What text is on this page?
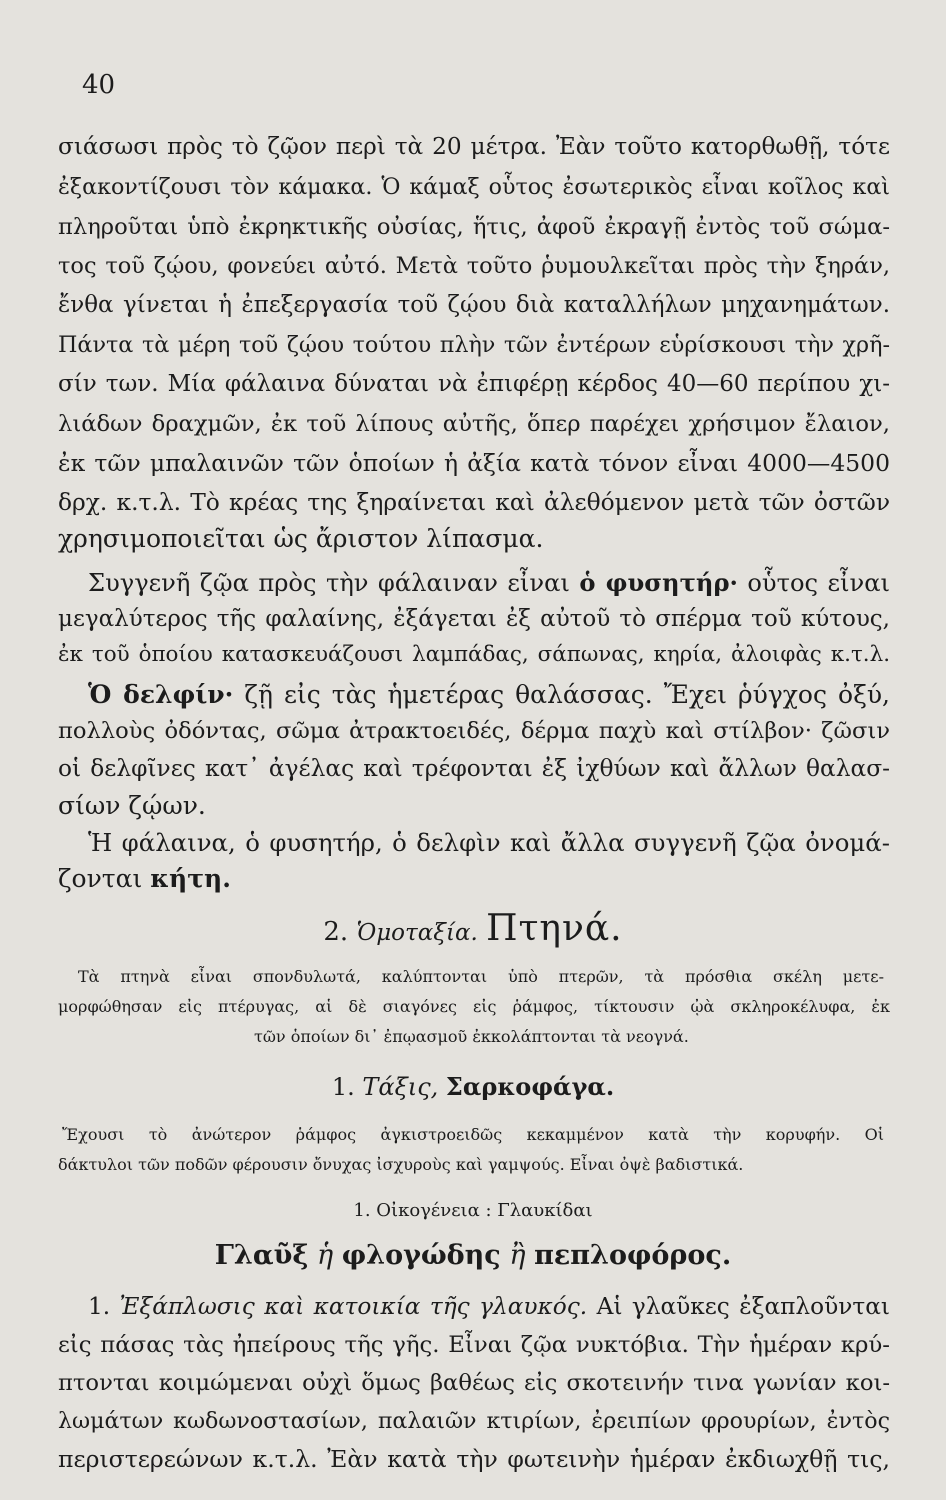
40
σιάσωσι πρὸς τὸ ζῷον περὶ τὰ 20 μέτρα. Ἐὰν τοῦτο κατορθωθῇ, τότε
ἐξακοντίζουσι τὸν κάμακα. Ὁ κάμαξ οὗτος ἐσωτερικὸς εἶναι κοῖλος καὶ
πληροῦται ὑπὸ ἐκρηκτικῆς οὐσίας, ἥτις, ἀφοῦ ἐκραγῇ ἐντὸς τοῦ σώμα-
τος τοῦ ζῴου, φονεύει αὐτό. Μετὰ τοῦτο ῥυμουλκεῖται πρὸς τὴν ξηράν,
ἔνθα γίνεται ἡ ἐπεξεργασία τοῦ ζῴου διὰ καταλλήλων μηχανημάτων.
Πάντα τὰ μέρη τοῦ ζῴου τούτου πλὴν τῶν ἐντέρων εὑρίσκουσι τὴν χρῆ-
σίν των. Μία φάλαινα δύναται νὰ ἐπιφέρῃ κέρδος 40—60 περίπου χι-
λιάδων δραχμῶν, ἐκ τοῦ λίπους αὐτῆς, ὅπερ παρέχει χρήσιμον ἔλαιον,
ἐκ τῶν μπαλαινῶν τῶν ὁποίων ἡ ἀξία κατὰ τόνον εἶναι 4000—4500
δρχ. κ.τ.λ. Τὸ κρέας της ξηραίνεται καὶ ἀλεθόμενον μετὰ τῶν ὀστῶν
χρησιμοποιεῖται ὡς ἄριστον λίπασμα.
Συγγενῆ ζῷα πρὸς τὴν φάλαιναν εἶναι ὁ φυσητήρ· οὗτος εἶναι
μεγαλύτερος τῆς φαλαίνης, ἐξάγεται ἐξ αὐτοῦ τὸ σπέρμα τοῦ κύτους,
ἐκ τοῦ ὁποίου κατασκευάζουσι λαμπάδας, σάπωνας, κηρία, ἀλοιφὰς κ.τ.λ.
Ὁ δελφίν· ζῇ εἰς τὰς ἡμετέρας θαλάσσας. Ἔχει ῥύγχος ὀξύ,
πολλοὺς ὀδόντας, σῶμα ἀτρακτοειδές, δέρμα παχὺ καὶ στίλβον· ζῶσιν
οἱ δελφῖνες κατ᾽ ἀγέλας καὶ τρέφονται ἐξ ἰχθύων καὶ ἄλλων θαλασ-
σίων ζῴων.
Ἡ φάλαινα, ὁ φυσητήρ, ὁ δελφὶν καὶ ἄλλα συγγενῆ ζῷα ὀνομά-
ζονται κήτη.
2. Ὁμοταξία. Πτηνά.
Τὰ πτηνὰ εἶναι σπονδυλωτά, καλύπτονται ὑπὸ πτερῶν, τὰ πρόσθια σκέλη μετε-
μορφώθησαν εἰς πτέρυγας, αἱ δὲ σιαγόνες εἰς ῥάμφος, τίκτουσιν ᾠὰ σκληροκέλυφα, ἐκ
τῶν ὁποίων δι᾽ ἐπῳασμοῦ ἐκκολάπτονται τὰ νεογνά.
1. Τάξις, Σαρκοφάγα.
Ἔχουσι τὸ ἀνώτερον ῥάμφος ἀγκιστροειδῶς κεκαμμένον κατὰ τὴν κορυφήν. Οἱ
δάκτυλοι τῶν ποδῶν φέρουσιν ὄνυχας ἰσχυροὺς καὶ γαμψούς. Εἶναι ὀψὲ βαδιστικά.
1. Οἰκογένεια : Γλαυκίδαι
Γλαῦξ ἡ φλογώδης ἢ πεπλοφόρος.
1. Ἐξάπλωσις καὶ κατοικία τῆς γλαυκός. Αἱ γλαῦκες ἐξαπλοῦνται
εἰς πάσας τὰς ἠπείρους τῆς γῆς. Εἶναι ζῷα νυκτόβια. Τὴν ἡμέραν κρύ-
πτονται κοιμώμεναι οὐχὶ ὅμως βαθέως εἰς σκοτεινήν τινα γωνίαν κοι-
λωμάτων κωδωνοστασίων, παλαιῶν κτιρίων, ἐρειπίων φρουρίων, ἐντὸς
περιστερεώνων κ.τ.λ. Ἐὰν κατὰ τὴν φωτεινὴν ἡμέραν ἐκδιωχθῇ τις,
